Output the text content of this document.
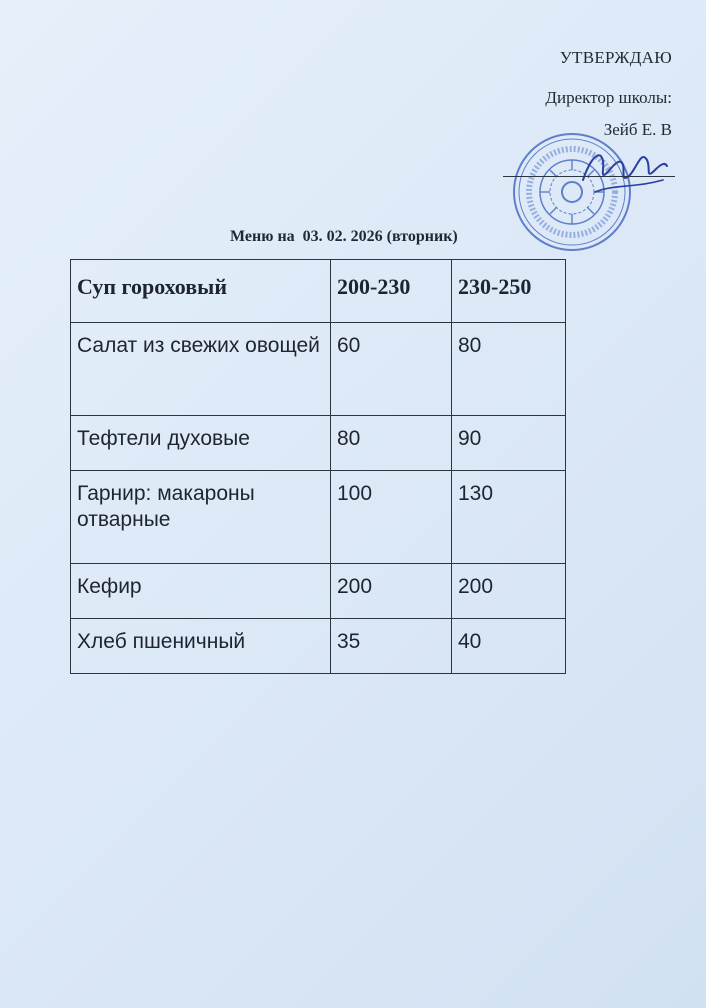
УТВЕРЖДАЮ
Директор школы:
Зейб Е. В
Меню на  03. 02. 2026 (вторник)
Суп гороховый	200-230	230-250
Салат из свежих овощей	60	80
Тефтели духовые	80	90
Гарнир: макароны отварные	100	130
Кефир	200	200
Хлеб пшеничный	35	40
